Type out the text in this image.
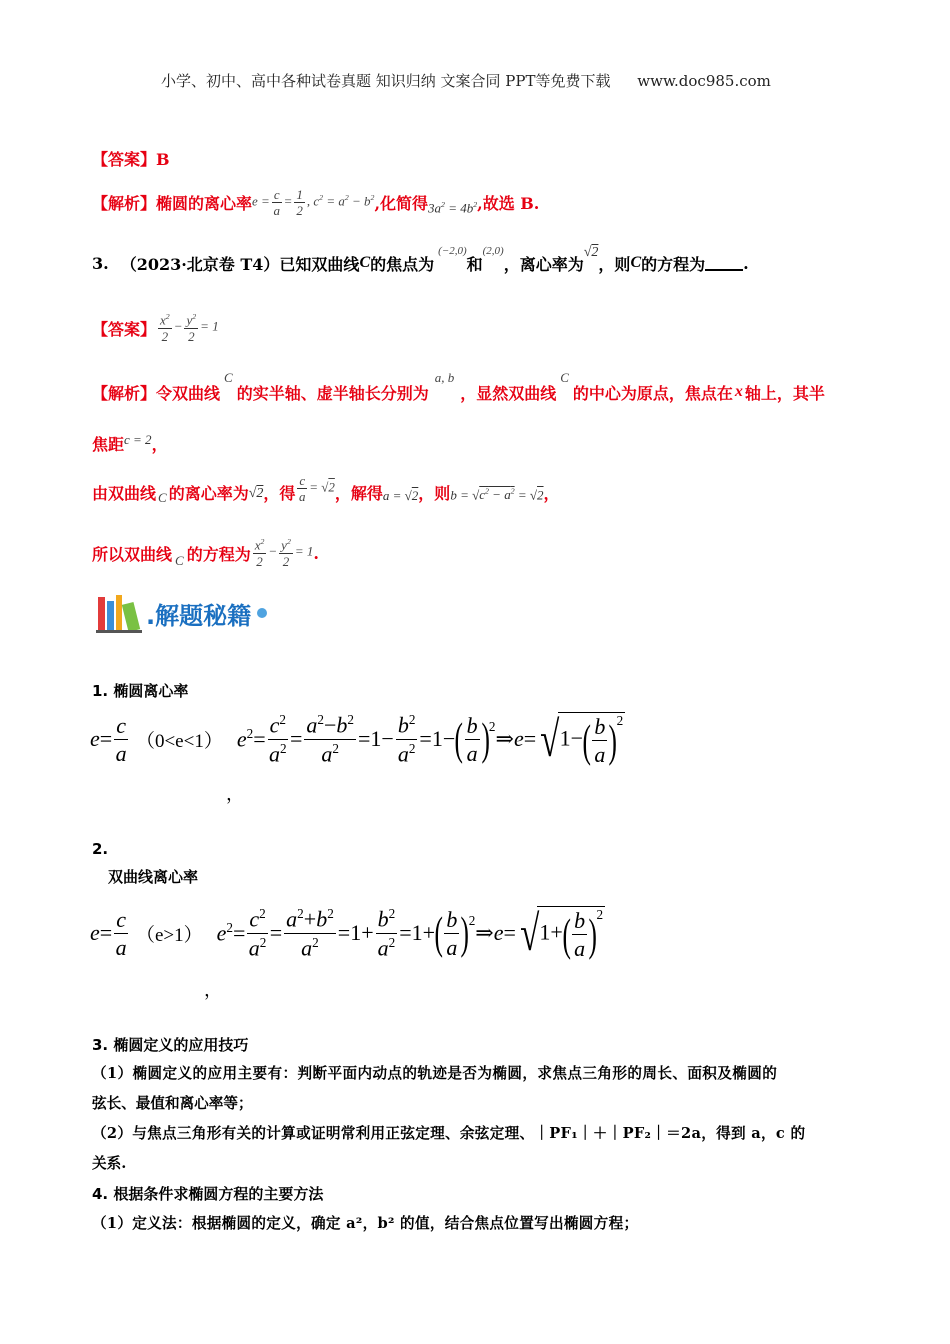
小学、初中、高中各种试卷真题 知识归纳 文案合同 PPT等免费下载 www.doc985.com
【答案】B
【解析】 椭圆的离心率 $e = \frac{c}{a} = \frac{1}{2}$ , $c^2 = a^2 - b^2$ ,化简得 $3a^2 = 4b^2$ ,故选 B.
3. （2023·北京卷 T4） 已知双曲线 C 的焦点为
(−2,0)
和
(2,0)
，离心率为
√2
，则 C 的方程为 .
【答案】 $\frac{x^2}{2} - \frac{y^2}{2} = 1$
【解析】 令双曲线
C
的实半轴、虚半轴长分别为
a, b
，显然双曲线
C
的中心为原点，焦点在 x 轴上，其半
焦距 c = 2 ，
由双曲线 C 的离心率为 √2 ，得 $\frac{c}{a} = √2$ ，解得 a = √2 ，则 $b = √c^2 - a^2 = √2$ ，
所以双曲线 C 的方程为 $\frac{x^2}{2} - \frac{y^2}{2} = 1$ .
.解题秘籍
1. 椭圆离心率
e =
c
a （0<e<1） $e^2= \frac{c^2}{a^2}$ =
$a^2-b^2$
$a^2 =1-$
$b^2$
$a^2 =1-$ ( b
a )$^2$ ⇒ e = √ $1-( \frac{b}{a} )^2$
，
2.
双曲线离心率
e =
c
a （e>1） $e^2= \frac{c^2}{a^2}$ =
$a^2+b^2$
$a^2 =1+$
$b^2$
$a^2 =1+$ ( b
a )$^2$ ⇒ e = √ $1+( \frac{b}{a} )^2$
，
3. 椭圆定义的应用技巧
（1）椭圆定义的应用主要有：判断平面内动点的轨迹是否为椭圆，求焦点三角形的周长、面积及椭圆的
弦长、最值和离心率等；
（2）与焦点三角形有关的计算或证明常利用正弦定理、余弦定理、｜PF₁｜＋｜PF₂｜＝2a，得到 a，c 的
关系.
4. 根据条件求椭圆方程的主要方法
（1）定义法：根据椭圆的定义，确定 a²，b² 的值，结合焦点位置写出椭圆方程；
